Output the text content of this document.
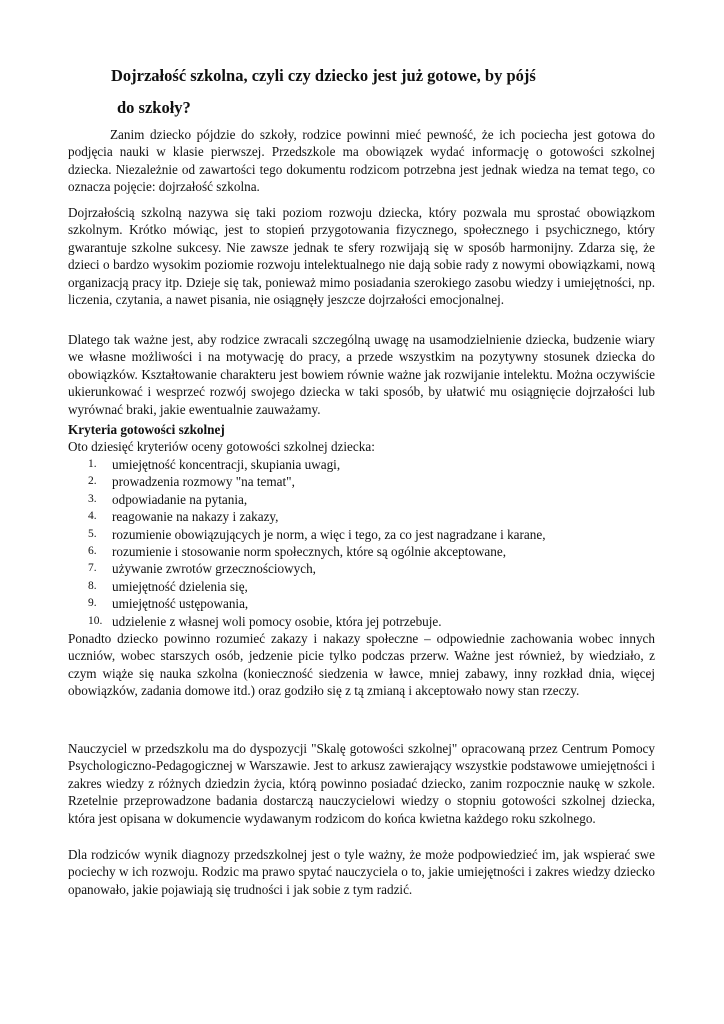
Dojrzałość szkolna, czyli czy dziecko jest już gotowe, by pójś
do szkoły?

Zanim dziecko pójdzie do szkoły, rodzice powinni mieć pewność, że ich pociecha jest gotowa do podjęcia nauki w klasie pierwszej. Przedszkole ma obowiązek wydać informację o gotowości szkolnej dziecka. Niezależnie od zawartości tego dokumentu rodzicom potrzebna jest jednak wiedza na temat tego, co oznacza pojęcie: dojrzałość szkolna.

Dojrzałością szkolną nazywa się taki poziom rozwoju dziecka, który pozwala mu sprostać obowiązkom szkolnym. Krótko mówiąc, jest to stopień przygotowania fizycznego, społecznego i psychicznego, który gwarantuje szkolne sukcesy. Nie zawsze jednak te sfery rozwijają się w sposób harmonijny. Zdarza się, że dzieci o bardzo wysokim poziomie rozwoju intelektualnego nie dają sobie rady z nowymi obowiązkami, nową organizacją pracy itp. Dzieje się tak, ponieważ mimo posiadania szerokiego zasobu wiedzy i umiejętności, np. liczenia, czytania, a nawet pisania, nie osiągnęły jeszcze dojrzałości emocjonalnej.

Dlatego tak ważne jest, aby rodzice zwracali szczególną uwagę na usamodzielnienie dziecka, budzenie wiary we własne możliwości i na motywację do pracy, a przede wszystkim na pozytywny stosunek dziecka do obowiązków. Kształtowanie charakteru jest bowiem równie ważne jak rozwijanie intelektu. Można oczywiście ukierunkować i wesprzeć rozwój swojego dziecka w taki sposób, by ułatwić mu osiągnięcie dojrzałości lub wyrównać braki, jakie ewentualnie zauważamy.

Kryteria gotowości szkolnej

Oto dziesięć kryteriów oceny gotowości szkolnej dziecka:

1.	umiejętność koncentracji, skupiania uwagi,
2.	prowadzenia rozmowy "na temat",
3.	odpowiadanie na pytania,
4.	reagowanie na nakazy i zakazy,
5.	rozumienie obowiązujących je norm, a więc i tego, za co jest nagradzane i karane,
6.	rozumienie i stosowanie norm społecznych, które są ogólnie akceptowane,
7.	używanie zwrotów grzecznościowych,
8.	umiejętność dzielenia się,
9.	umiejętność ustępowania,
10. udzielenie z własnej woli pomocy osobie, która jej potrzebuje.

Ponadto dziecko powinno rozumieć zakazy i nakazy społeczne – odpowiednie zachowania wobec innych uczniów, wobec starszych osób, jedzenie picie tylko podczas przerw. Ważne jest również, by wiedziało, z czym wiąże się nauka szkolna (konieczność siedzenia w ławce, mniej zabawy, inny rozkład dnia, więcej obowiązków, zadania domowe itd.) oraz godziło się z tą zmianą i akceptowało nowy stan rzeczy.

Nauczyciel w przedszkolu ma do dyspozycji "Skalę gotowości szkolnej" opracowaną przez Centrum Pomocy Psychologiczno-Pedagogicznej w Warszawie. Jest to arkusz zawierający wszystkie podstawowe umiejętności i zakres wiedzy z różnych dziedzin życia, którą powinno posiadać dziecko, zanim rozpocznie naukę w szkole. Rzetelnie przeprowadzone badania dostarczą nauczycielowi wiedzy o stopniu gotowości szkolnej dziecka, która jest opisana w dokumencie wydawanym rodzicom do końca kwietna każdego roku szkolnego.

Dla rodziców wynik diagnozy przedszkolnej jest o tyle ważny, że może podpowiedzieć im, jak wspierać swe pociechy w ich rozwoju. Rodzic ma prawo spytać nauczyciela o to, jakie umiejętności i zakres wiedzy dziecko opanowało, jakie pojawiają się trudności i jak sobie z tym radzić.
